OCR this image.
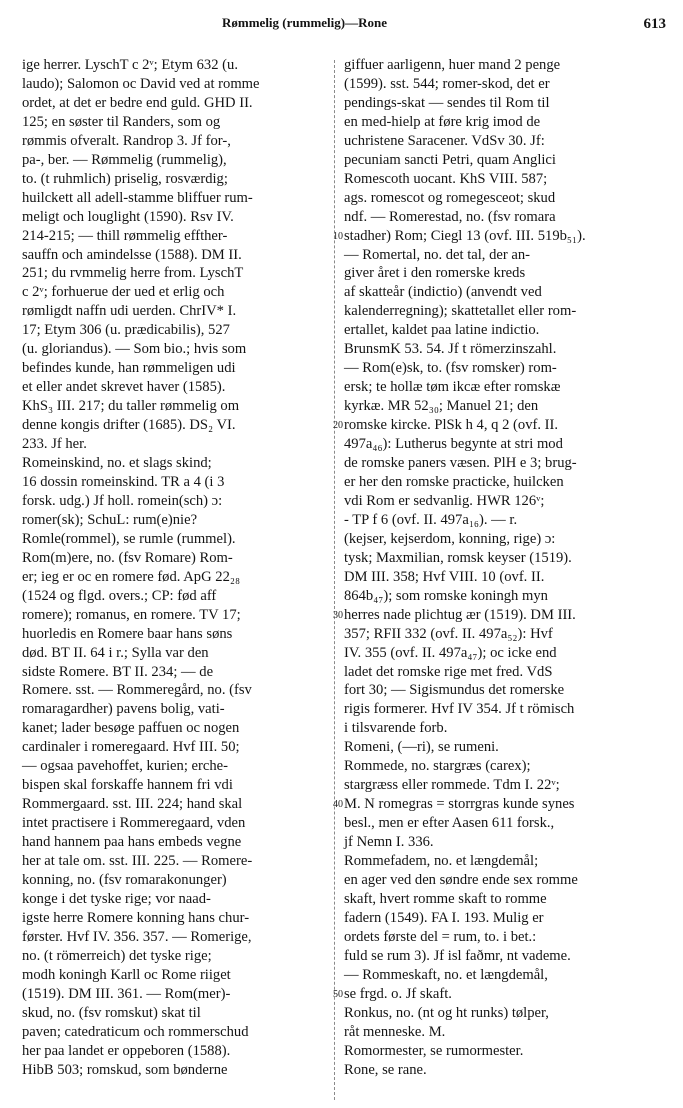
Rømmelig (rummelig)—Rone	613
ige herrer. LyschT c 2ᵛ; Etym 632 (u.
laudo); Salomon oc David ved at romme
ordet, at det er bedre end guld. GHD II.
125; en søster til Randers, som og
rømmis ofveralt. Randrop 3. Jf for-,
pa-, ber. — Rømmelig (rummelig),
to. (t ruhmlich) priselig, rosværdig;
huilckett all adell-stamme bliffuer rum-
meligt och louglight (1590). Rsv IV.
214-215; — thill rømmelig effther-
sauffn och amindelsse (1588). DM II.
251; du rvmmelig herre from. LyschT
c 2ᵛ; forhuerue der ued et erlig och
rømligdt naffn udi uerden. ChrIV* I.
17; Etym 306 (u. prædicabilis), 527
(u. gloriandus). — Som bio.; hvis som
befindes kunde, han rømmeligen udi
et eller andet skrevet haver (1585).
KhS₃ III. 217; du taller rømmelig om
denne kongis drifter (1685). DS₂ VI.
233. Jf her.
Romeinskind, no. et slags skind;
16 dossin romeinskind. TR a 4 (i 3
forsk. udg.) Jf holl. romein(sch) ɔ:
romer(sk); SchuL: rum(e)nie?
Romle(rommel), se rumle (rummel).
Rom(m)ere, no. (fsv Romare) Rom-
er; ieg er oc en romere fød. ApG 22₂₈
(1524 og flgd. overs.; CP: fød aff
romere); romanus, en romere. TV 17;
huorledis en Romere baar hans søns
død. BT II. 64 i r.; Sylla var den
sidste Romere. BT II. 234; — de
Romere. sst. — Rommeregård, no. (fsv
romaragardher) pavens bolig, vati-
kanet; lader besøge paffuen oc nogen
cardinaler i romeregaard. Hvf III. 50;
— ogsaa pavehoffet, kurien; erche-
bispen skal forskaffe hannem fri vdi
Rommergaard. sst. III. 224; hand skal
intet practisere i Rommeregaard, vden
hand hannem paa hans embeds vegne
her at tale om. sst. III. 225. — Romere-
konning, no. (fsv romarakonunger)
konge i det tyske rige; vor naad-
igste herre Romere konning hans chur-
førster. Hvf IV. 356. 357. — Romerige,
no. (t römerreich) det tyske rige;
modh koningh Karll oc Rome riiget
(1519). DM III. 361. — Rom(mer)-
skud, no. (fsv romskut) skat til
paven; catedraticum och rommerschud
her paa landet er oppeboren (1588).
HibB 503; romskud, som bønderne
giffuer aarligenn, huer mand 2 penge
(1599). sst. 544; romer-skod, det er
pendings-skat — sendes til Rom til
en med-hielp at føre krig imod de
uchristene Saracener. VdSv 30. Jf:
pecuniam sancti Petri, quam Anglici
Romescoth uocant. KhS VIII. 587;
ags. romescot og romegesceot; skud
ndf. — Romerestad, no. (fsv romara
stadher) Rom; Ciegl 13 (ovf. III. 519b₅₁).
— Romertal, no. det tal, der an-
giver året i den romerske kreds
af skatteår (indictio) (anvendt ved
kalenderregning); skattetallet eller rom-
ertallet, kaldet paa latine indictio.
BrunsmK 53. 54. Jf t römerzinszahl.
— Rom(e)sk, to. (fsv romsker) rom-
ersk; te hollæ tøm ikcæ efter romskæ
kyrkæ. MR 52₃₀; Manuel 21; den
romske kircke. PlSk h 4, q 2 (ovf. II.
497a₄₆): Lutherus begynte at stri mod
de romske paners væsen. PlH e 3; brug-
er her den romske practicke, huilcken
vdi Rom er sedvanlig. HWR 126ᵛ;
- TP f 6 (ovf. II. 497a₁₆). — r.
(kejser, kejserdom, konning, rige) ɔ:
tysk; Maxmilian, romsk keyser (1519).
DM III. 358; Hvf VIII. 10 (ovf. II.
864b₄₇); som romske koningh myn
herres nade plichtug ær (1519). DM III.
357; RFII 332 (ovf. II. 497a₅₂): Hvf
IV. 355 (ovf. II. 497a₄₇); oc icke end
ladet det romske rige met fred. VdS
fort 30; — Sigismundus det romerske
rigis formerer. Hvf IV 354. Jf t römisch
i tilsvarende forb.
Romeni, (—ri), se rumeni.
Rommede, no. stargræs (carex);
stargræss eller rommede. Tdm I. 22ᵛ;
M. N romegras = storrgras kunde synes
besl., men er efter Aasen 611 forsk.,
jf Nemn I. 336.
Rommefadem, no. et længdemål;
en ager ved den søndre ende sex romme
skaft, hvert romme skaft to romme
fadern (1549). FA I. 193. Mulig er
ordets første del = rum, to. i bet.:
fuld se rum 3). Jf isl faðmr, nt vademe.
— Rommeskaft, no. et længdemål,
se frgd. o. Jf skaft.
Ronkus, no. (nt og ht runks) tølper,
råt menneske. M.
Romormester, se rumormester.
Rone, se rane.
10
20
30
40
50
